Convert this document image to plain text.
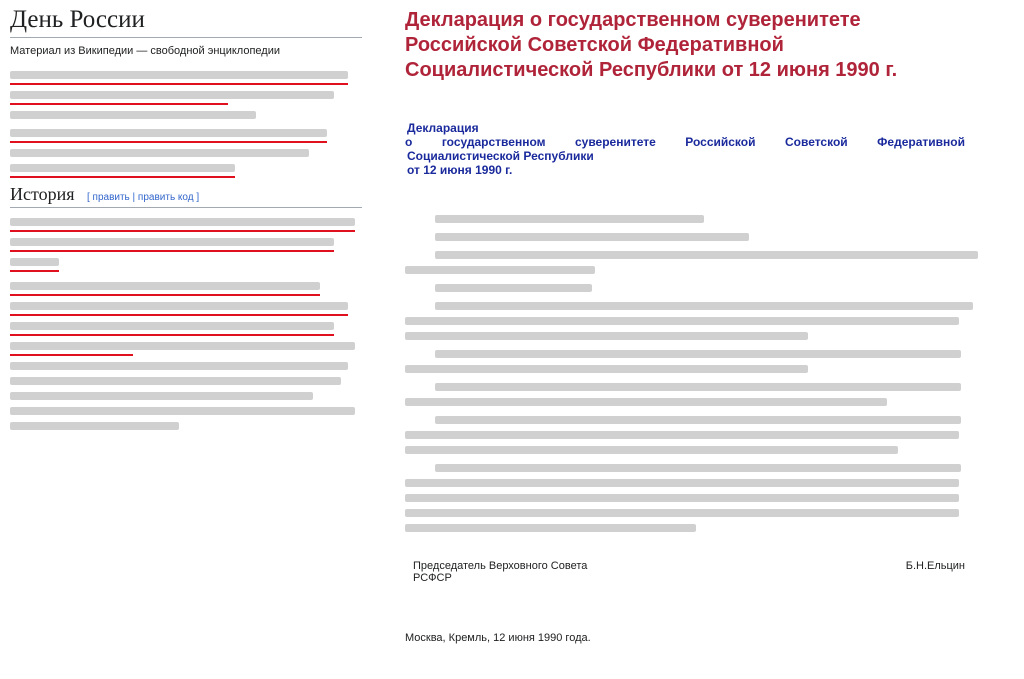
День России
Материал из Википедии — свободной энциклопедии
История [ править | править код ]
Декларация о государственном суверенитете Российской Советской Федеративной Социалистической Республики от 12 июня 1990 г.
Декларация
о государственном суверенитете Российской Советской Федеративной
Социалистической Республики
от 12 июня 1990 г.
Председатель Верховного Совета РСФСР
Б.Н.Ельцин
Москва, Кремль, 12 июня 1990 года.
